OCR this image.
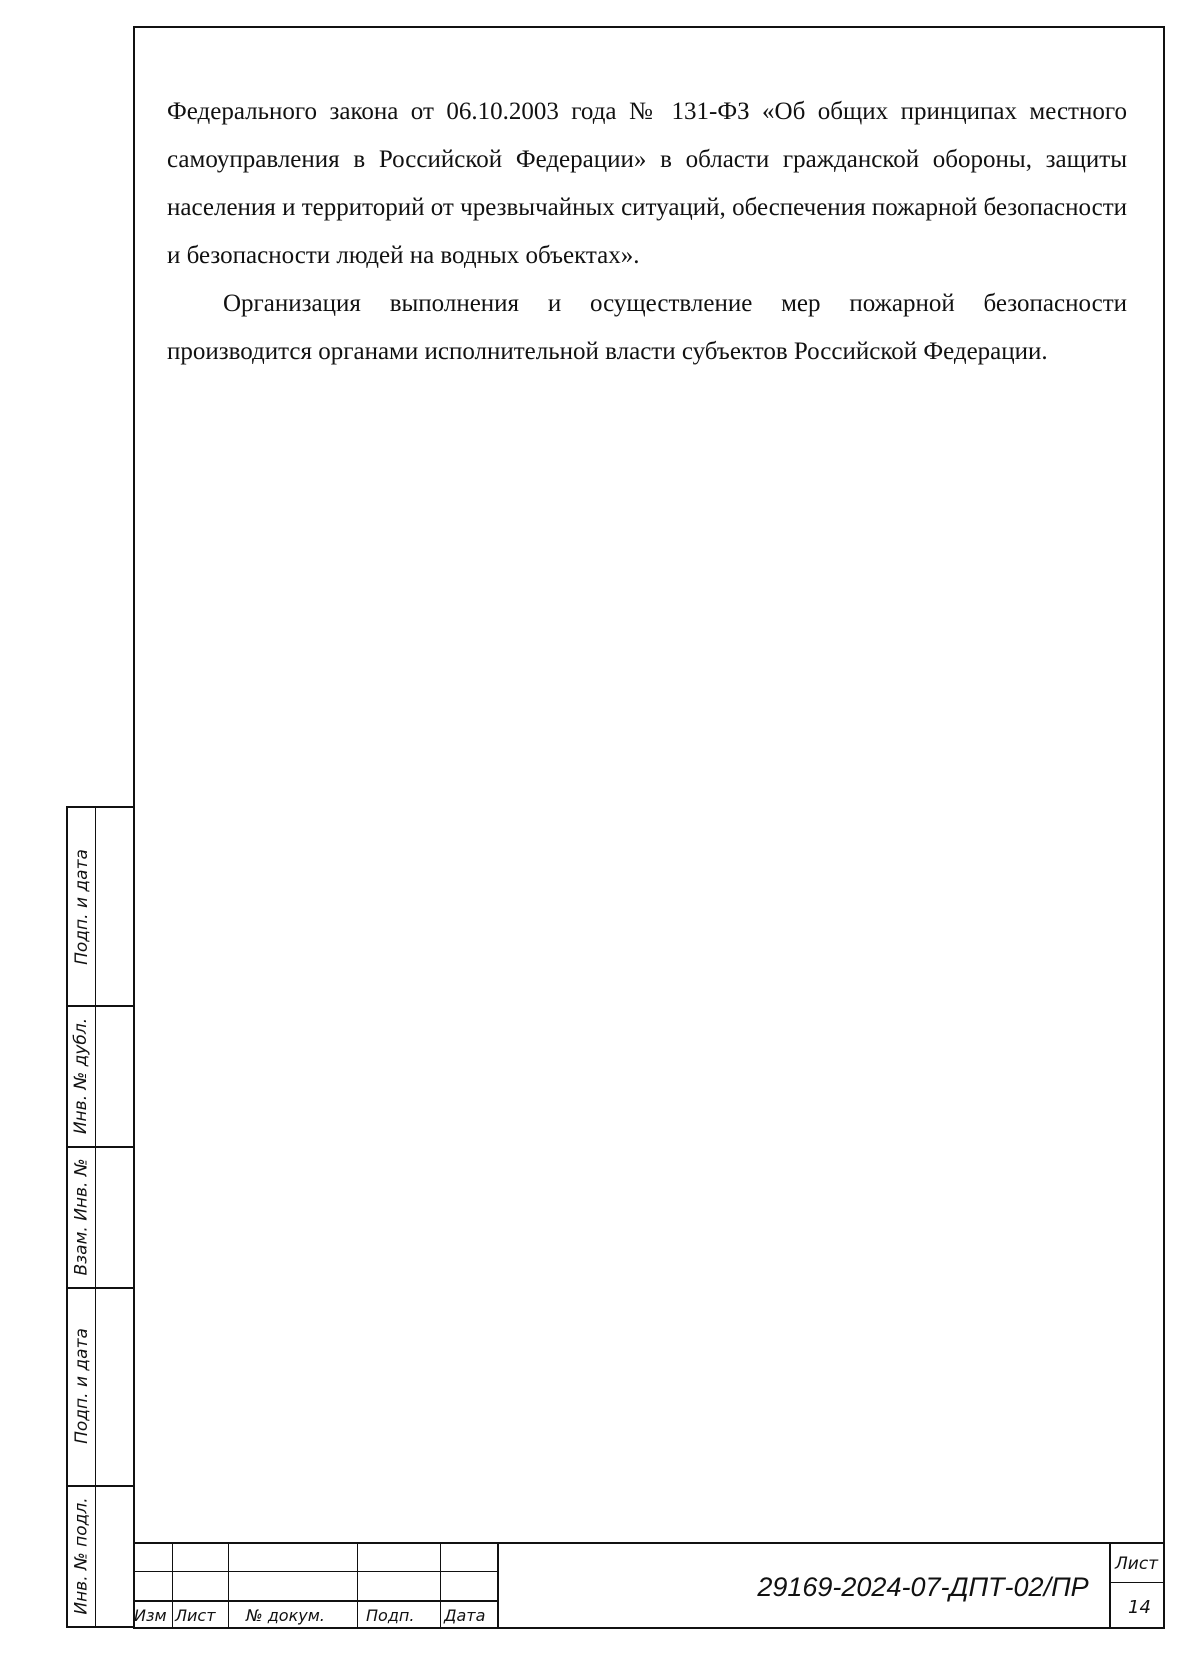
Федерального закона от 06.10.2003 года № 131-ФЗ «Об общих принципах местного самоуправления в Российской Федерации» в области гражданской обороны, защиты населения и территорий от чрезвычайных ситуаций, обеспечения пожарной безопасности и безопасности людей на водных объектах».

Организация выполнения и осуществление мер пожарной безопасности производится органами исполнительной власти субъектов Российской Федерации.

Подп. и дата
Инв. № дубл.
Взам. Инв. №
Подп. и дата
Инв. № подл.
Изм Лист № докум.	Подп. Дата
29169-2024-07-ДПТ-02/ПР
Лист
14
